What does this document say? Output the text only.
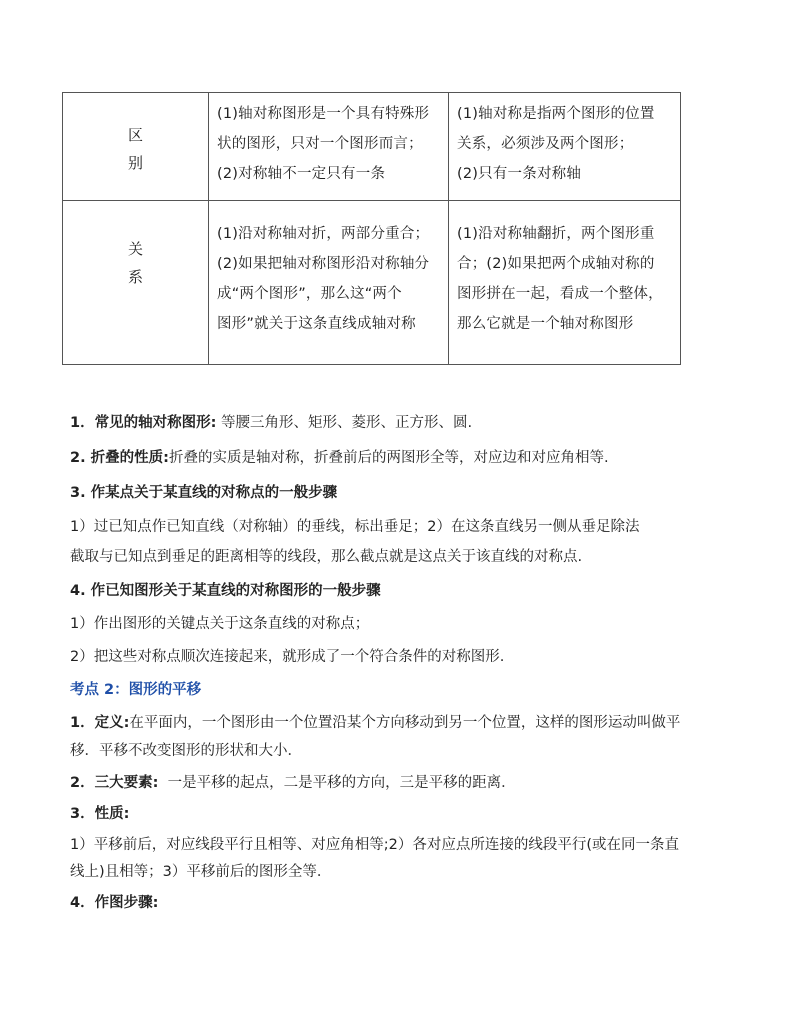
区
别	(1)轴对称图形是一个具有特殊形
状的图形，只对一个图形而言；
(2)对称轴不一定只有一条	(1)轴对称是指两个图形的位置
关系，必须涉及两个图形；
(2)只有一条对称轴

关
系	(1)沿对称轴对折，两部分重合；
(2)如果把轴对称图形沿对称轴分
成“两个图形”，那么这“两个
图形”就关于这条直线成轴对称	(1)沿对称轴翻折，两个图形重
合；(2)如果把两个成轴对称的
图形拼在一起，看成一个整体，
那么它就是一个轴对称图形
1．常见的轴对称图形: 等腰三角形、矩形、菱形、正方形、圆.
2. 折叠的性质:折叠的实质是轴对称，折叠前后的两图形全等，对应边和对应角相等.
3. 作某点关于某直线的对称点的一般步骤
1）过已知点作已知直线（对称轴）的垂线，标出垂足；2）在这条直线另一侧从垂足除法
截取与已知点到垂足的距离相等的线段，那么截点就是这点关于该直线的对称点.
4. 作已知图形关于某直线的对称图形的一般步骤
1）作出图形的关键点关于这条直线的对称点；
2）把这些对称点顺次连接起来，就形成了一个符合条件的对称图形.
考点 2：图形的平移
1．定义:在平面内，一个图形由一个位置沿某个方向移动到另一个位置，这样的图形运动叫做平
移．平移不改变图形的形状和大小．
2．三大要素: 一是平移的起点，二是平移的方向，三是平移的距离．
3．性质:
1）平移前后，对应线段平行且相等、对应角相等;2）各对应点所连接的线段平行(或在同一条直
线上)且相等；3）平移前后的图形全等．
4．作图步骤:
